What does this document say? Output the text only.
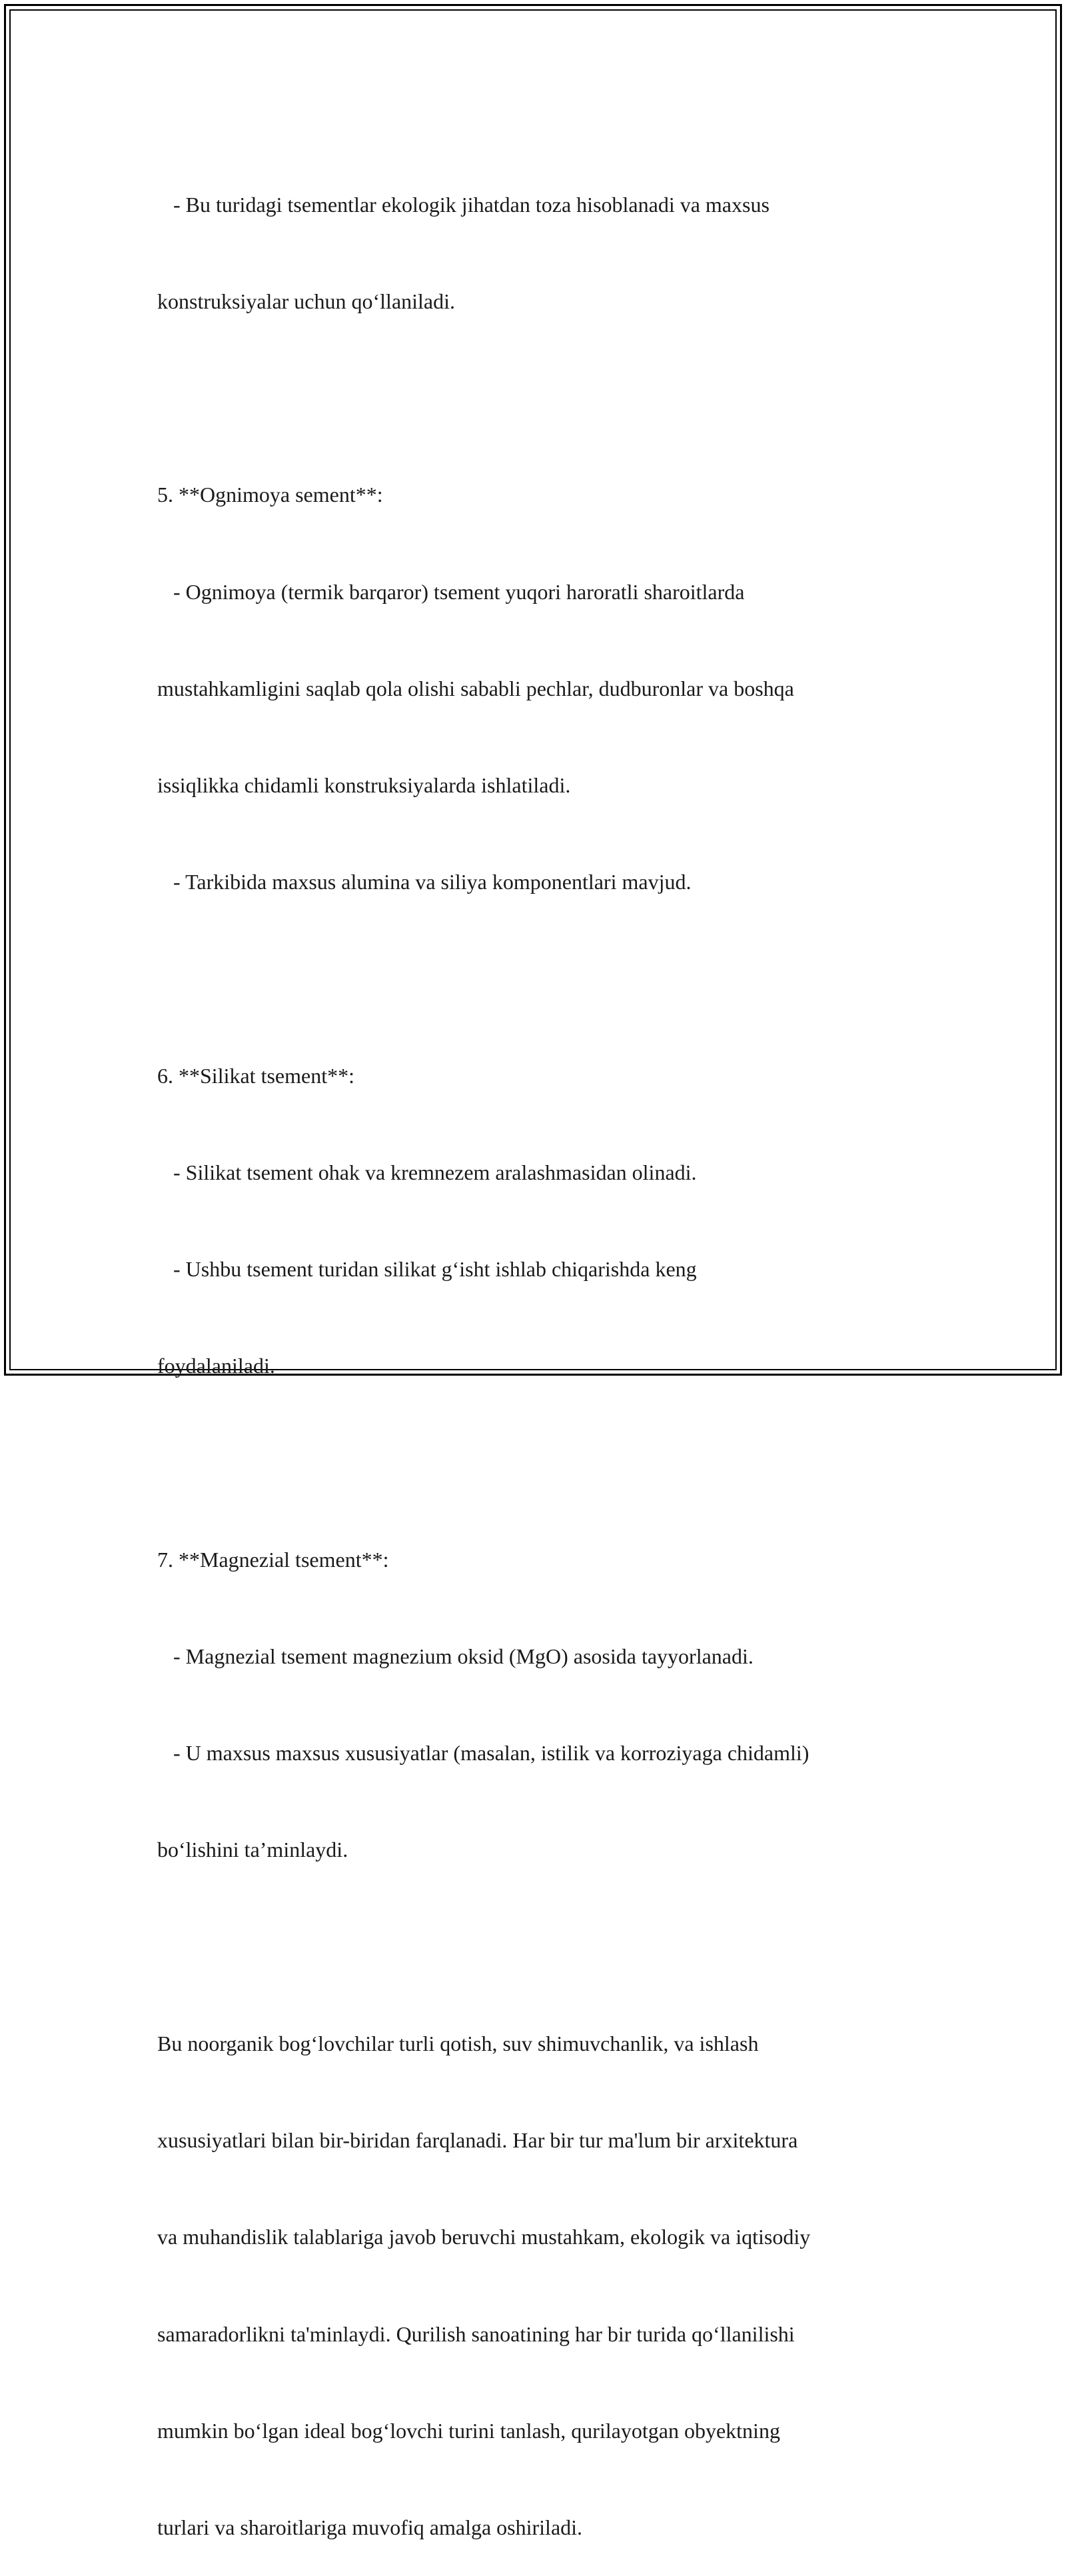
- Bu turidagi tsementlar ekologik jihatdan toza hisoblanadi va maxsus

konstruksiyalar uchun qo‘llaniladi.

5. **Ognimoya sement**:

- Ognimoya (termik barqaror) tsement yuqori haroratli sharoitlarda

mustahkamligini saqlab qola olishi sababli pechlar, dudburonlar va boshqa

issiqlikka chidamli konstruksiyalarda ishlatiladi.

- Tarkibida maxsus alumina va siliya komponentlari mavjud.

6. **Silikat tsement**:

- Silikat tsement ohak va kremnezem aralashmasidan olinadi.

- Ushbu tsement turidan silikat g‘isht ishlab chiqarishda keng

foydalaniladi.

7. **Magnezial tsement**:

- Magnezial tsement magnezium oksid (MgO) asosida tayyorlanadi.

- U maxsus maxsus xususiyatlar (masalan, istilik va korroziyaga chidamli)

bo‘lishini ta’minlaydi.

Bu noorganik bog‘lovchilar turli qotish, suv shimuvchanlik, va ishlash

xususiyatlari bilan bir-biridan farqlanadi. Har bir tur ma'lum bir arxitektura

va muhandislik talablariga javob beruvchi mustahkam, ekologik va iqtisodiy

samaradorlikni ta'minlaydi. Qurilish sanoatining har bir turida qo‘llanilishi

mumkin bo‘lgan ideal bog‘lovchi turini tanlash, qurilayotgan obyektning

turlari va sharoitlariga muvofiq amalga oshiriladi.
